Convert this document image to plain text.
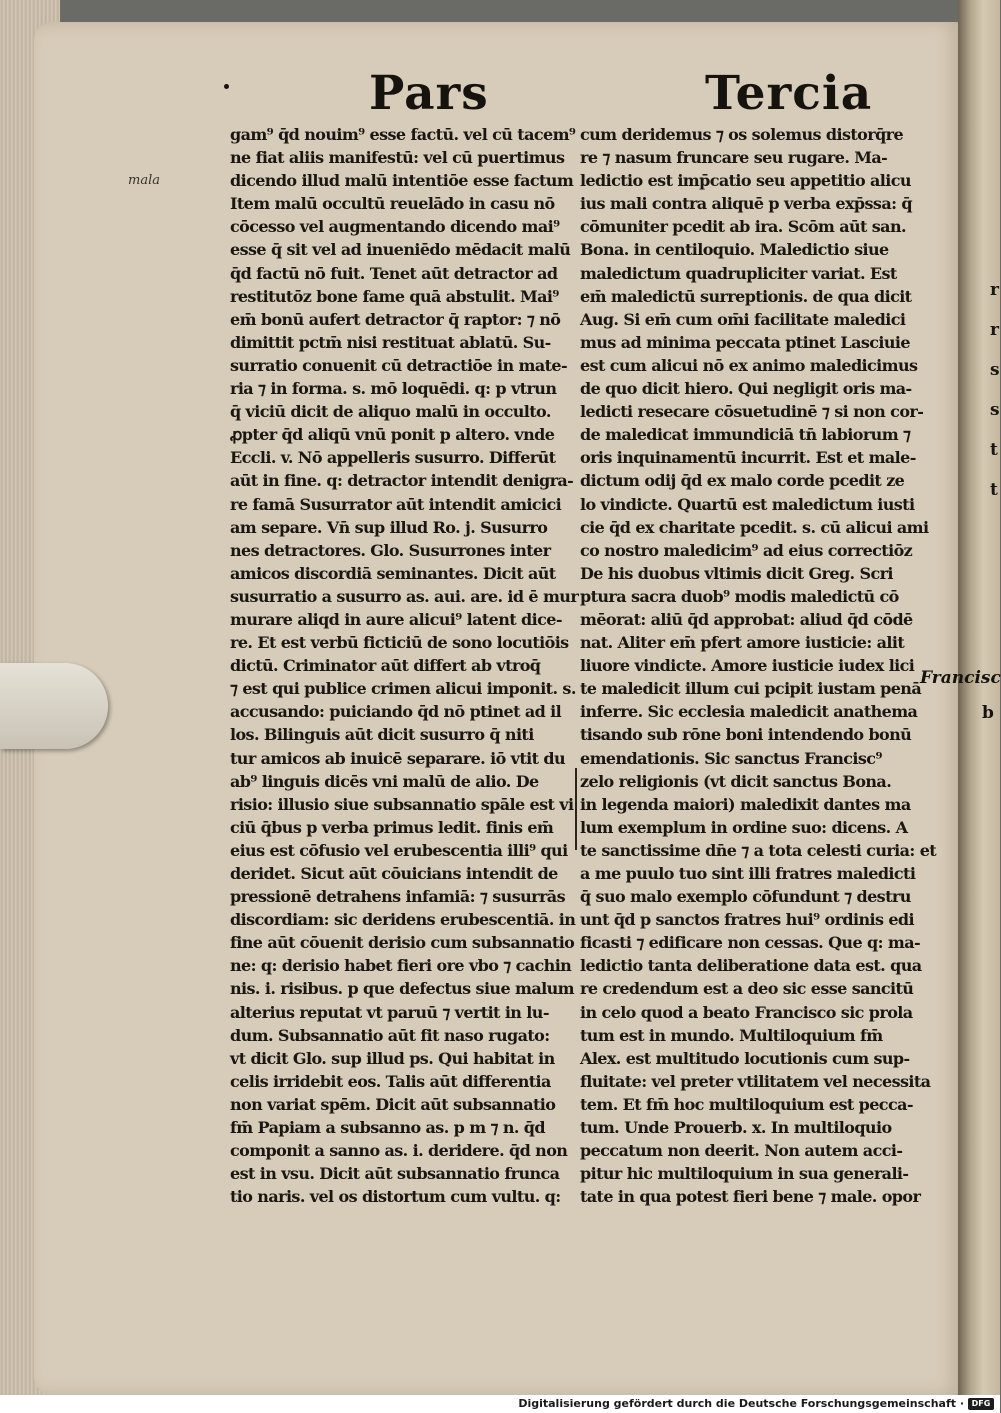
r
r
s
s
t
t
Pars	Tercia
mala
Francisc
b
gam⁹ q̄d nouim⁹ esse factū. vel cū tacem⁹
ne fiat aliis manifestū: vel cū puertimus
dicendo illud malū intentiōe esse factum
Item malū occultū reuelādo in casu nō
cōcesso vel augmentando dicendo mai⁹
esse q̄ sit vel ad inueniēdo mēdacit malū
q̄d factū nō fuit. Tenet aūt detractor ad
restitutōz bone fame quā abstulit. Mai⁹
em̄ bonū aufert detractor q̄ raptor: ⁊ nō
dimittit pctm̄ nisi restituat ablatū. Su-
surratio conuenit cū detractiōe in mate-
ria ⁊ in forma. s. mō loquēdi. q: p vtrun
q̄ viciū dicit de aliquo malū in occulto.
ꝓpter q̄d aliqū vnū ponit p altero. vnde
Eccli. v. Nō appelleris susurro. Differūt
aūt in fine. q: detractor intendit denigra-
re famā Susurrator aūt intendit amicici
am separe. Vn̄ sup illud Ro. j. Susurro
nes detractores. Glo. Susurrones inter
amicos discordiā seminantes. Dicit aūt
susurratio a susurro as. aui. are. id ē mur
murare aliqd in aure alicui⁹ latent dice-
re. Et est verbū ficticiū de sono locutiōis
dictū. Criminator aūt differt ab vtroq̄
⁊ est qui publice crimen alicui imponit. s.
accusando: puiciando q̄d nō ptinet ad il
los. Bilinguis aūt dicit susurro q̄ niti
tur amicos ab inuicē separare. iō vtit du
ab⁹ linguis dicēs vni malū de alio. De
risio: illusio siue subsannatio spāle est vi
ciū q̄bus p verba primus ledit. finis em̄
eius est cōfusio vel erubescentia illi⁹ qui
deridet. Sicut aūt cōuicians intendit de
pressionē detrahens infamiā: ⁊ susurrās
discordiam: sic deridens erubescentiā. in
fine aūt cōuenit derisio cum subsannatio
ne: q: derisio habet fieri ore vbo ⁊ cachin
nis. i. risibus. p que defectus siue malum
alterius reputat vt paruū ⁊ vertit in lu-
dum. Subsannatio aūt fit naso rugato:
vt dicit Glo. sup illud ps. Qui habitat in
celis irridebit eos. Talis aūt differentia
non variat spēm. Dicit aūt subsannatio
fm̄ Papiam a subsanno as. p m ⁊ n. q̄d
componit a sanno as. i. deridere. q̄d non
est in vsu. Dicit aūt subsannatio frunca
tio naris. vel os distortum cum vultu. q:
cum deridemus ⁊ os solemus distorq̄re
re ⁊ nasum fruncare seu rugare. Ma-
ledictio est imp̄catio seu appetitio alicu
ius mali contra aliquē p verba exp̄ssa: q̄
cōmuniter pcedit ab ira. Scōm aūt san.
Bona. in centiloquio. Maledictio siue
maledictum quadrupliciter variat. Est
em̄ maledictū surreptionis. de qua dicit
Aug. Si em̄ cum om̄i facilitate maledici
mus ad minima peccata ptinet Lasciuie
est cum alicui nō ex animo maledicimus
de quo dicit hiero. Qui negligit oris ma-
ledicti resecare cōsuetudinē ⁊ si non cor-
de maledicat immundiciā tn̄ labiorum ⁊
oris inquinamentū incurrit. Est et male-
dictum odij q̄d ex malo corde pcedit ze
lo vindicte. Quartū est maledictum iusti
cie q̄d ex charitate pcedit. s. cū alicui ami
co nostro maledicim⁹ ad eius correctiōz
De his duobus vltimis dicit Greg. Scri
ptura sacra duob⁹ modis maledictū cō
mēorat: aliū q̄d approbat: aliud q̄d cōdē
nat. Aliter em̄ pfert amore iusticie: alit
liuore vindicte. Amore iusticie iudex lici
te maledicit illum cui pcipit iustam penā
inferre. Sic ecclesia maledicit anathema
tisando sub rōne boni intendendo bonū
emendationis. Sic sanctus Francisc⁹
zelo religionis (vt dicit sanctus Bona.
in legenda maiori) maledixit dantes ma
lum exemplum in ordine suo: dicens. A
te sanctissime dn̄e ⁊ a tota celesti curia: et
a me puulo tuo sint illi fratres maledicti
q̄ suo malo exemplo cōfundunt ⁊ destru
unt q̄d p sanctos fratres hui⁹ ordinis edi
ficasti ⁊ edificare non cessas. Que q: ma-
ledictio tanta deliberatione data est. qua
re credendum est a deo sic esse sancitū
in celo quod a beato Francisco sic prola
tum est in mundo. Multiloquium fm̄
Alex. est multitudo locutionis cum sup-
fluitate: vel preter vtilitatem vel necessita
tem. Et fm̄ hoc multiloquium est pecca-
tum. Unde Prouerb. x. In multiloquio
peccatum non deerit. Non autem acci-
pitur hic multiloquium in sua generali-
tate in qua potest fieri bene ⁊ male. opor
Digitalisierung gefördert durch die Deutsche Forschungsgemeinschaft · DFG
